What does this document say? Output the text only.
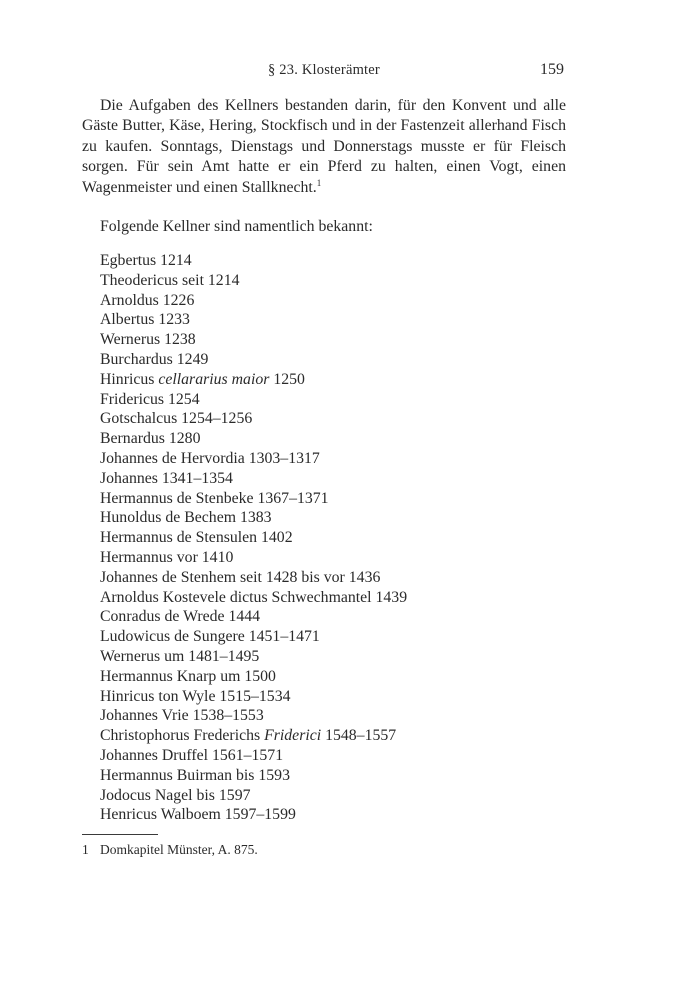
§ 23. Klosterämter	159

Die Aufgaben des Kellners bestanden darin, für den Konvent und alle Gäste Butter, Käse, Hering, Stockfisch und in der Fastenzeit allerhand Fisch zu kaufen. Sonntags, Dienstags und Donnerstags musste er für Fleisch sorgen. Für sein Amt hatte er ein Pferd zu halten, einen Vogt, einen Wagenmeister und einen Stallknecht.$^1$

Folgende Kellner sind namentlich bekannt:

Egbertus 1214
Theodericus seit 1214
Arnoldus 1226
Albertus 1233
Wernerus 1238
Burchardus 1249
Hinricus cellararius maior 1250
Fridericus 1254
Gotschalcus 1254–1256
Bernardus 1280
Johannes de Hervordia 1303–1317
Johannes 1341–1354
Hermannus de Stenbeke 1367–1371
Hunoldus de Bechem 1383
Hermannus de Stensulen 1402
Hermannus vor 1410
Johannes de Stenhem seit 1428 bis vor 1436
Arnoldus Kostevele dictus Schwechmantel 1439
Conradus de Wrede 1444
Ludowicus de Sungere 1451–1471
Wernerus um 1481–1495
Hermannus Knarp um 1500
Hinricus ton Wyle 1515–1534
Johannes Vrie 1538–1553
Christophorus Frederichs Friderici 1548–1557
Johannes Druffel 1561–1571
Hermannus Buirman bis 1593
Jodocus Nagel bis 1597
Henricus Walboem 1597–1599
1 Domkapitel Münster, A. 875.
